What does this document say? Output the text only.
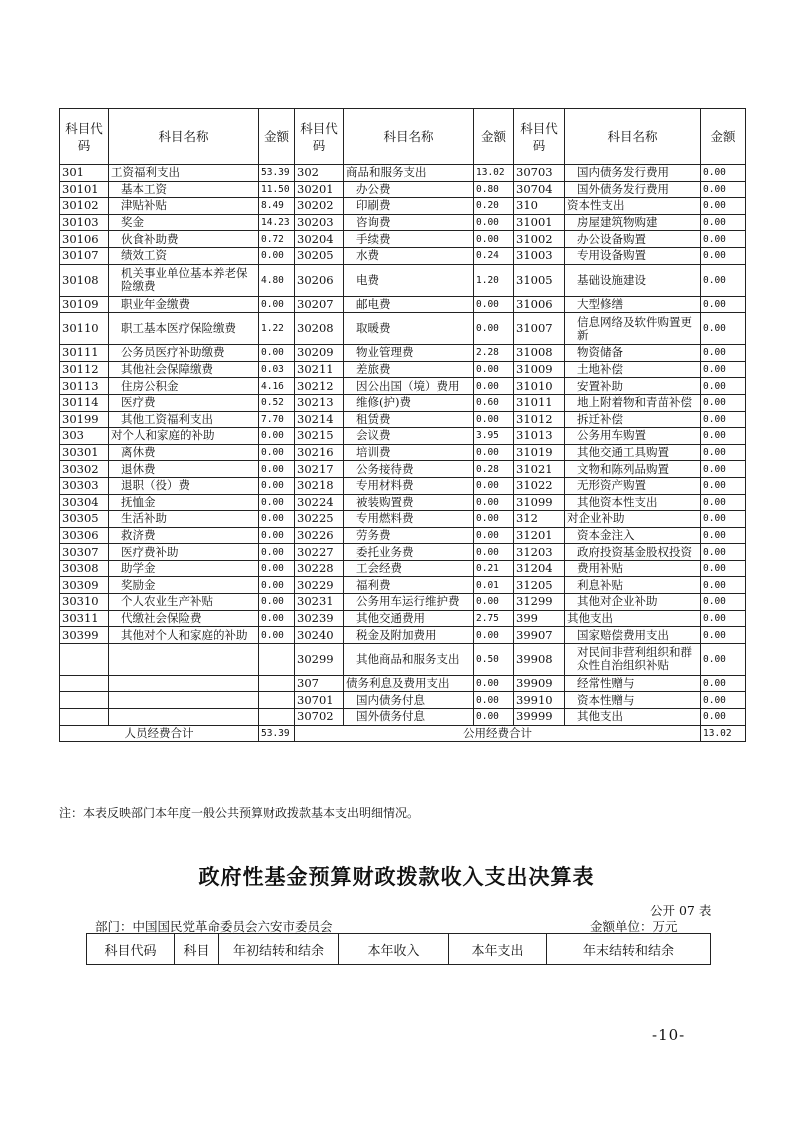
科目代码	科目名称	金额	科目代码	科目名称	金额	科目代码	科目名称	金额
301	工资福利支出	53.39	302	商品和服务支出	13.02	30703	国内债务发行费用	0.00
30101	基本工资	11.50	30201	办公费	0.80	30704	国外债务发行费用	0.00
30102	津贴补贴	8.49	30202	印刷费	0.20	310	资本性支出	0.00
30103	奖金	14.23	30203	咨询费	0.00	31001	房屋建筑物购建	0.00
30106	伙食补助费	0.72	30204	手续费	0.00	31002	办公设备购置	0.00
30107	绩效工资	0.00	30205	水费	0.24	31003	专用设备购置	0.00
30108	机关事业单位基本养老保险缴费	4.80	30206	电费	1.20	31005	基础设施建设	0.00
30109	职业年金缴费	0.00	30207	邮电费	0.00	31006	大型修缮	0.00
30110	职工基本医疗保险缴费	1.22	30208	取暖费	0.00	31007	信息网络及软件购置更新	0.00
30111	公务员医疗补助缴费	0.00	30209	物业管理费	2.28	31008	物资储备	0.00
30112	其他社会保障缴费	0.03	30211	差旅费	0.00	31009	土地补偿	0.00
30113	住房公积金	4.16	30212	因公出国（境）费用	0.00	31010	安置补助	0.00
30114	医疗费	0.52	30213	维修(护)费	0.60	31011	地上附着物和青苗补偿	0.00
30199	其他工资福利支出	7.70	30214	租赁费	0.00	31012	拆迁补偿	0.00
303	对个人和家庭的补助	0.00	30215	会议费	3.95	31013	公务用车购置	0.00
30301	离休费	0.00	30216	培训费	0.00	31019	其他交通工具购置	0.00
30302	退休费	0.00	30217	公务接待费	0.28	31021	文物和陈列品购置	0.00
30303	退职（役）费	0.00	30218	专用材料费	0.00	31022	无形资产购置	0.00
30304	抚恤金	0.00	30224	被装购置费	0.00	31099	其他资本性支出	0.00
30305	生活补助	0.00	30225	专用燃料费	0.00	312	对企业补助	0.00
30306	救济费	0.00	30226	劳务费	0.00	31201	资本金注入	0.00
30307	医疗费补助	0.00	30227	委托业务费	0.00	31203	政府投资基金股权投资	0.00
30308	助学金	0.00	30228	工会经费	0.21	31204	费用补贴	0.00
30309	奖励金	0.00	30229	福利费	0.01	31205	利息补贴	0.00
30310	个人农业生产补贴	0.00	30231	公务用车运行维护费	0.00	31299	其他对企业补助	0.00
30311	代缴社会保险费	0.00	30239	其他交通费用	2.75	399	其他支出	0.00
30399	其他对个人和家庭的补助	0.00	30240	税金及附加费用	0.00	39907	国家赔偿费用支出	0.00
			30299	其他商品和服务支出	0.50	39908	对民间非营利组织和群众性自治组织补贴	0.00
			307	债务利息及费用支出	0.00	39909	经常性赠与	0.00
			30701	国内债务付息	0.00	39910	资本性赠与	0.00
			30702	国外债务付息	0.00	39999	其他支出	0.00
人员经费合计		53.39	公用经费合计					13.02
注：本表反映部门本年度一般公共预算财政拨款基本支出明细情况。
政府性基金预算财政拨款收入支出决算表
公开 07 表
部门：中国国民党革命委员会六安市委员会	金额单位：万元
科目代码	科目	年初结转和结余	本年收入	本年支出	年末结转和结余
-10-
